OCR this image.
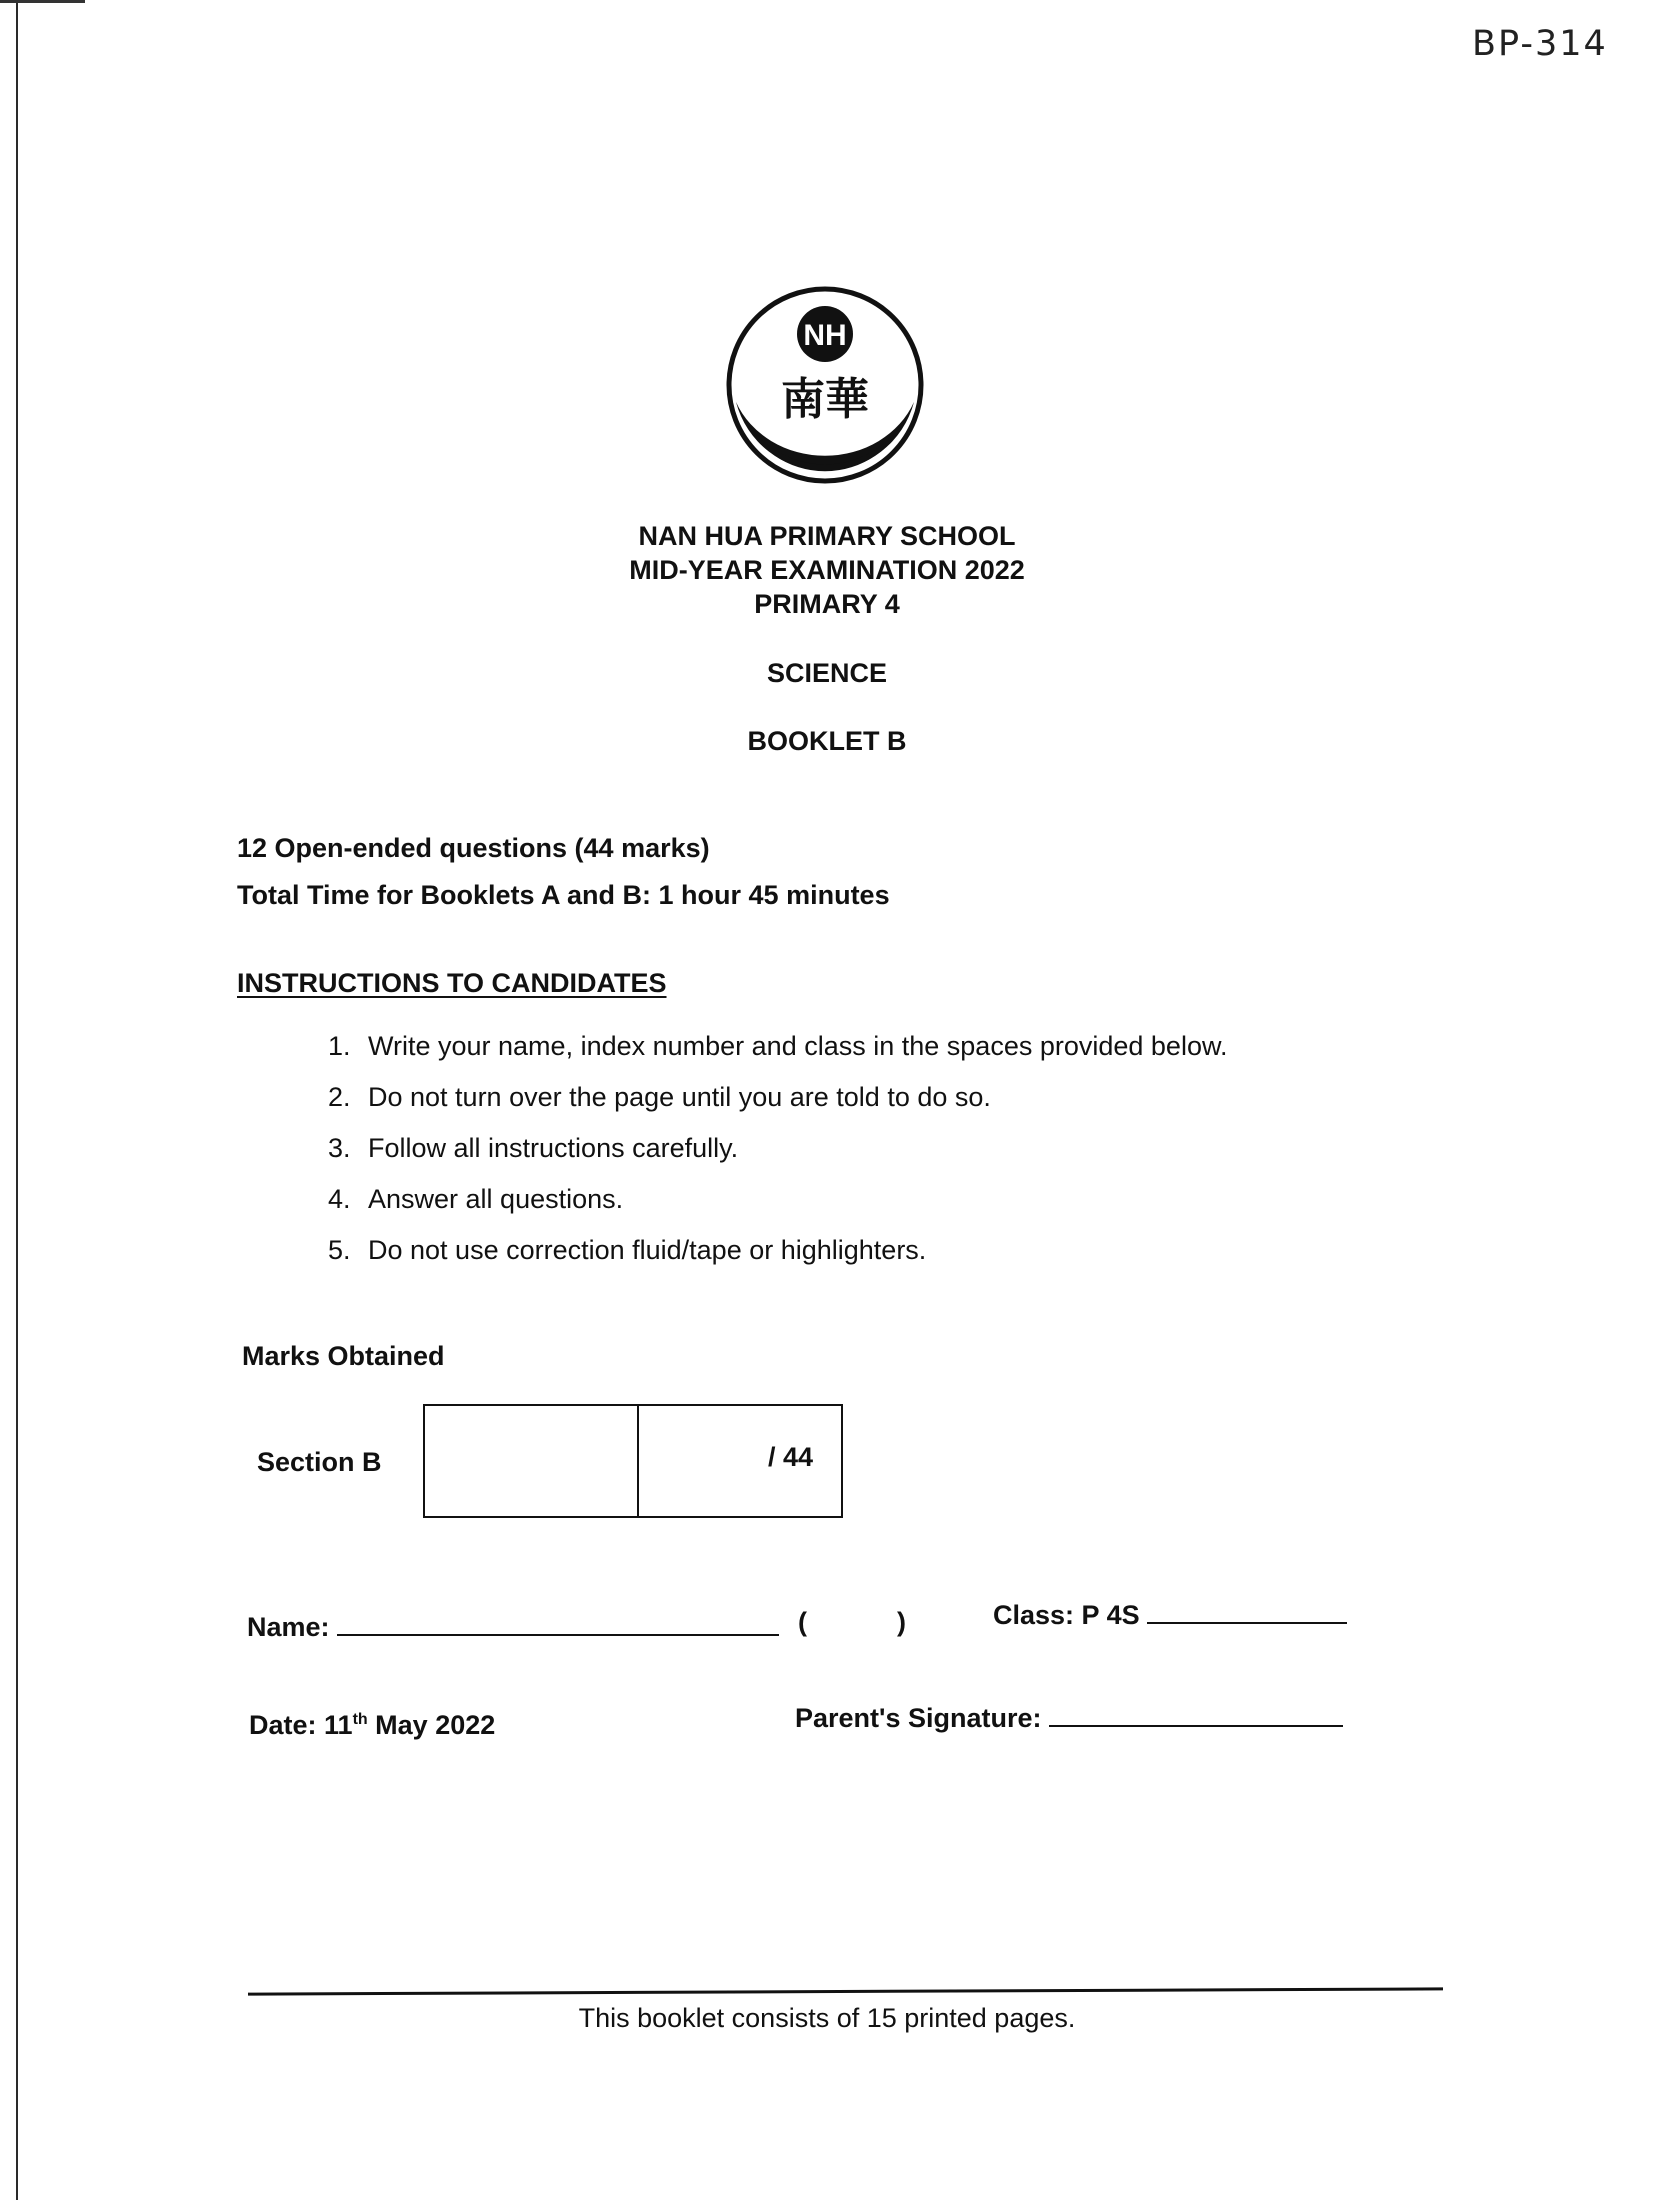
BP-314
NH
南華
NAN HUA PRIMARY SCHOOL
MID-YEAR EXAMINATION 2022
PRIMARY 4
SCIENCE
BOOKLET B
12 Open-ended questions (44 marks)
Total Time for Booklets A and B: 1 hour 45 minutes
INSTRUCTIONS TO CANDIDATES
1. Write your name, index number and class in the spaces provided below.
2. Do not turn over the page until you are told to do so.
3. Follow all instructions carefully.
4. Answer all questions.
5. Do not use correction fluid/tape or highlighters.
Marks Obtained
Section B	/ 44
Name:	(	)	Class: P 4S
Date: 11th May 2022	Parent's Signature:
This booklet consists of 15 printed pages.
